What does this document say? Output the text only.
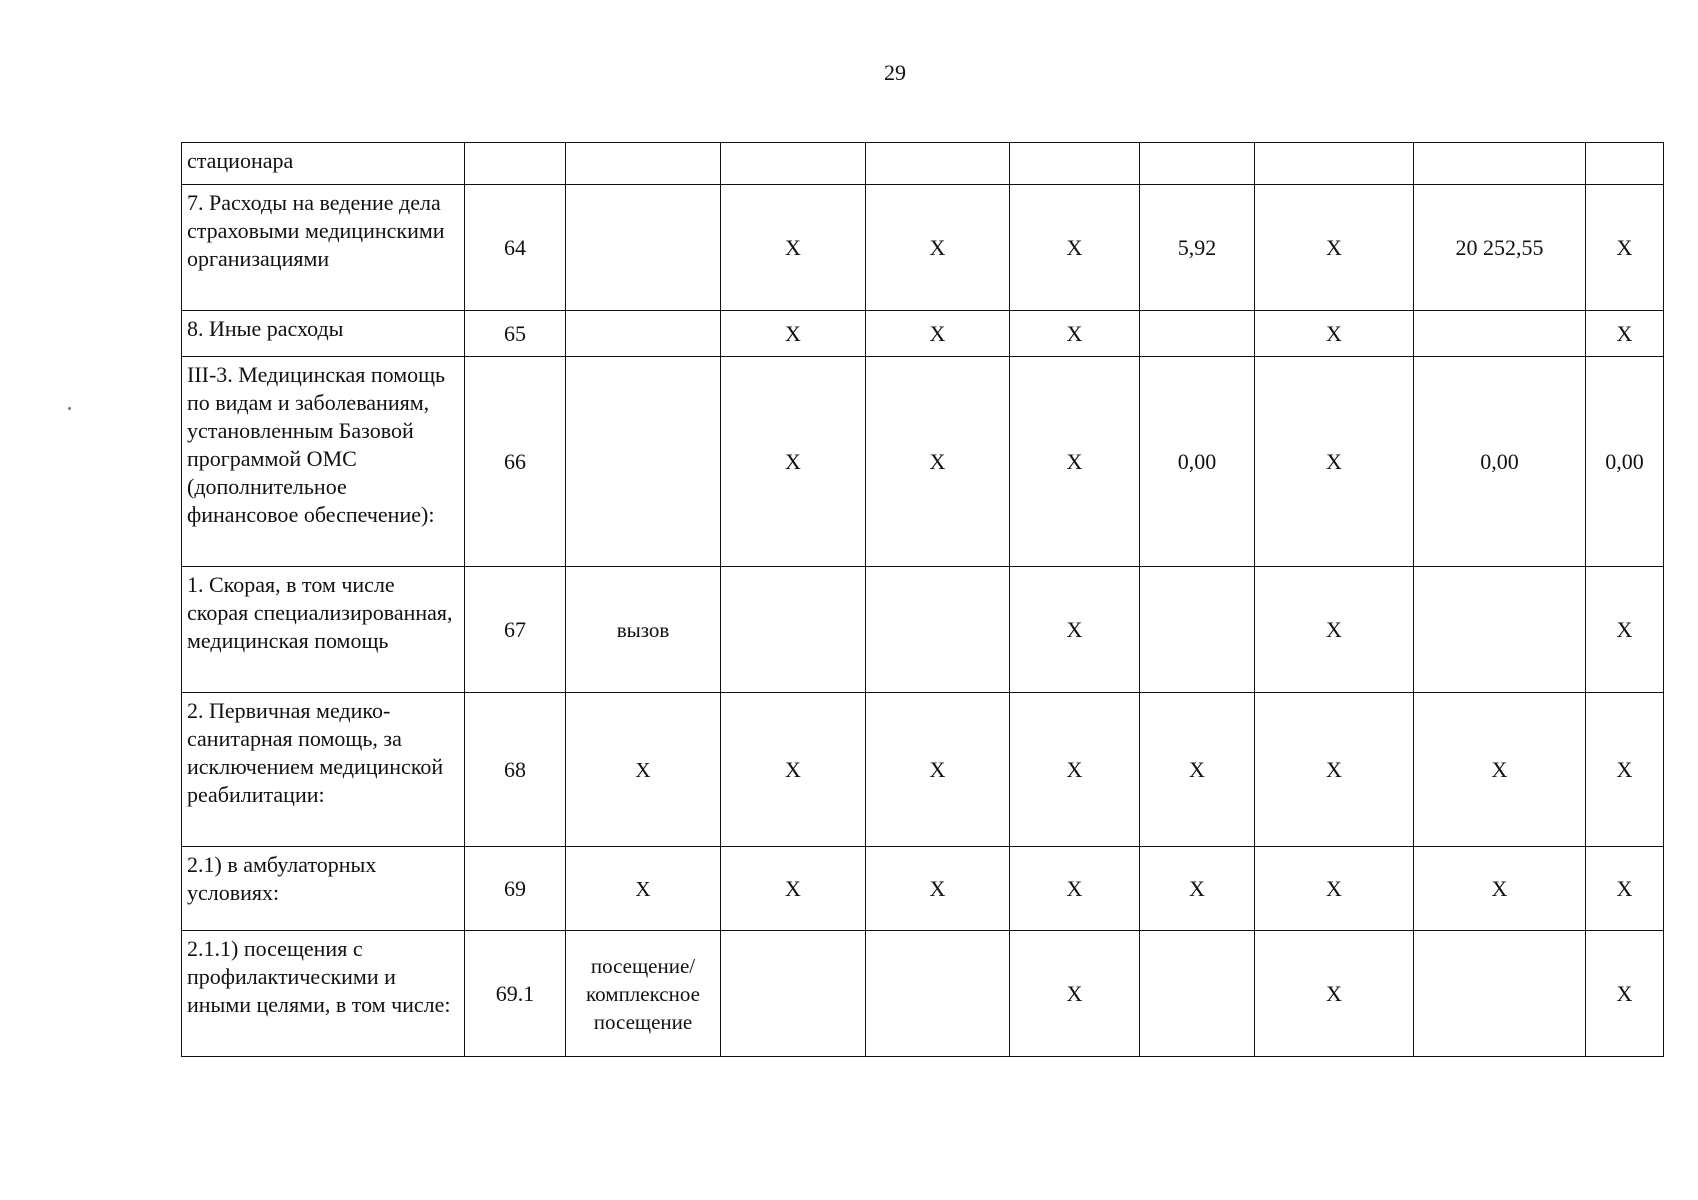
29
стационара									
7. Расходы на ведение дела страховыми медицинскими организациями	64		Х	Х	Х	5,92	Х	20 252,55	Х
8. Иные расходы	65		Х	Х	Х		Х		Х
III-3. Медицинская помощь по видам и заболеваниям, установленным Базовой программой ОМС (дополнительное финансовое обеспечение):	66		Х	Х	Х	0,00	Х	0,00	0,00
1. Скорая, в том числе скорая специализированная, медицинская помощь	67	вызов			Х		Х		Х
2. Первичная медико-санитарная помощь, за исключением медицинской реабилитации:	68	Х	Х	Х	Х	Х	Х	Х	Х
2.1) в амбулаторных условиях:	69	Х	Х	Х	Х	Х	Х	Х	Х
2.1.1) посещения с профилактическими и иными целями, в том числе:	69.1	посещение/ комплексное посещение			Х		Х		Х
